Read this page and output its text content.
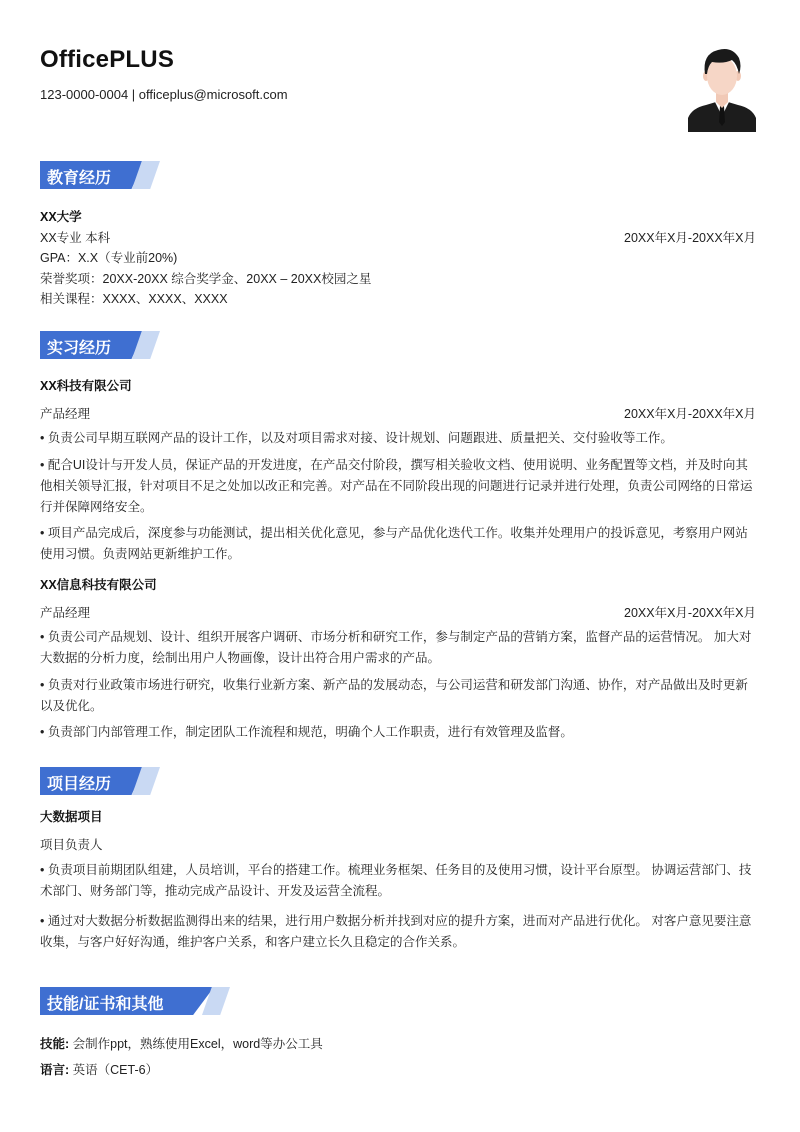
OfficePLUS
123-0000-0004 | officeplus@microsoft.com
教育经历
XX大学
XX专业 本科	20XX年X月-20XX年X月
GPA：X.X（专业前20%)
荣誉奖项：20XX-20XX 综合奖学金、20XX – 20XX校园之星
相关课程：XXXX、XXXX、XXXX
实习经历
XX科技有限公司
产品经理	20XX年X月-20XX年X月
• 负责公司早期互联网产品的设计工作，以及对项目需求对接、设计规划、问题跟进、质量把关、交付验收等工作。
• 配合UI设计与开发人员，保证产品的开发进度，在产品交付阶段，撰写相关验收文档、使用说明、业务配置等文档，并及时向其他相关领导汇报，针对项目不足之处加以改正和完善。对产品在不同阶段出现的问题进行记录并进行处理，负责公司网络的日常运行并保障网络安全。
• 项目产品完成后，深度参与功能测试，提出相关优化意见，参与产品优化迭代工作。收集并处理用户的投诉意见，考察用户网站使用习惯。负责网站更新维护工作。
XX信息科技有限公司
产品经理	20XX年X月-20XX年X月
• 负责公司产品规划、设计、组织开展客户调研、市场分析和研究工作，参与制定产品的营销方案，监督产品的运营情况。 加大对大数据的分析力度，绘制出用户人物画像，设计出符合用户需求的产品。
• 负责对行业政策市场进行研究，收集行业新方案、新产品的发展动态，与公司运营和研发部门沟通、协作，对产品做出及时更新以及优化。
• 负责部门内部管理工作，制定团队工作流程和规范，明确个人工作职责，进行有效管理及监督。
项目经历
大数据项目
项目负责人
• 负责项目前期团队组建，人员培训，平台的搭建工作。梳理业务框架、任务目的及使用习惯，设计平台原型。 协调运营部门、技术部门、财务部门等，推动完成产品设计、开发及运营全流程。
• 通过对大数据分析数据监测得出来的结果，进行用户数据分析并找到对应的提升方案，进而对产品进行优化。 对客户意见要注意收集，与客户好好沟通，维护客户关系，和客户建立长久且稳定的合作关系。
技能/证书和其他
技能: 会制作ppt，熟练使用Excel，word等办公工具
语言: 英语（CET-6）
